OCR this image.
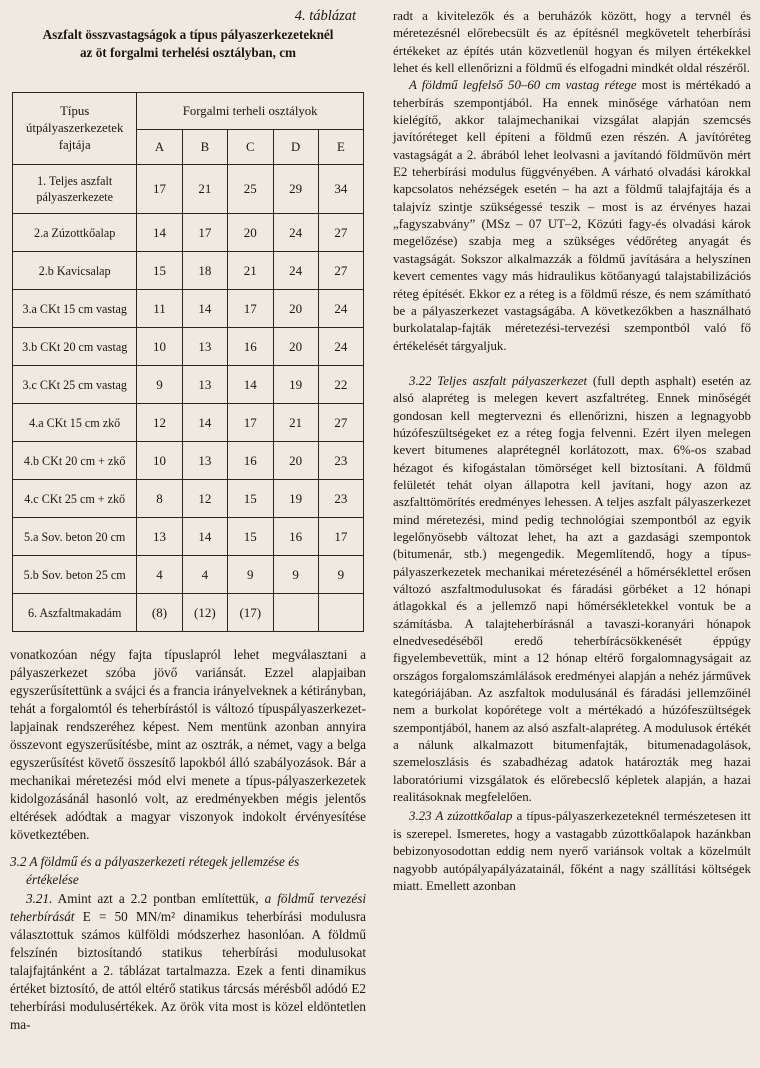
4. táblázat
Aszfalt összvastagságok a típus pályaszerkezeteknél
az öt forgalmi terhelési osztályban, cm
Típus
útpályaszerkezetek
fajtája	Forgalmi terheli osztályok				
	A	B	C	D	E

1. Teljes aszfalt
pályaszerkezete	17	21	25	29	34

2.a Zúzottkőalap	14	17	20	24	27

2.b Kavicsalap	15	18	21	24	27

3.a CKt 15 cm vastag	11	14	17	20	24

3.b CKt 20 cm vastag	10	13	16	20	24

3.c CKt 25 cm vastag	9	13	14	19	22

4.a CKt 15 cm zkő	12	14	17	21	27

4.b CKt 20 cm + zkő	10	13	16	20	23

4.c CKt 25 cm + zkő	8	12	15	19	23

5.a Sov. beton 20 cm	13	14	15	16	17

5.b Sov. beton 25 cm	4	4	9	9	9

6. Aszfaltmakadám	(8)	(12)	(17)		

vonatkozóan négy fajta típuslapról lehet megválasztani a pályaszerkezet szóba jövő variánsát. Ezzel alapjaiban egyszerűsítettünk a svájci és a francia irányelveknek a kétirányban, tehát a forgalomtól és teherbírástól is változó típuspályaszerkezet-lapjainak rendszeréhez képest. Nem mentünk azonban annyira összevont egyszerűsítésbe, mint az osztrák, a német, vagy a belga egyszerűsítést követő összesítő lapokból álló szabályozások. Bár a mechanikai méretezési mód elvi menete a típus-pályaszerkezetek kidolgozásánál hasonló volt, az eredményekben mégis jelentős eltérések adódtak a magyar viszonyok indokolt érvényesítése következtében.

3.2 A földmű és a pályaszerkezeti rétegek jellemzése és
értékelése

3.21. Amint azt a 2.2 pontban említettük, a földmű tervezési teherbírását E = 50 MN/m² dinamikus teherbírási modulusra választottuk számos külföldi módszerhez hasonlóan. A földmű felszínén biztosítandó statikus teherbírási modulusokat talajfajtánként a 2. táblázat tartalmazza. Ezek a fenti dinamikus értéket biztosító, de attól eltérő statikus tárcsás mérésből adódó E2 teherbírási modulusértékek. Az örök vita most is közel eldöntetlen ma-

radt a kivitelezők és a beruházók között, hogy a tervnél és méretezésnél előrebecsült és az építésnél megkövetelt teherbírási értékeket az építés után közvetlenül hogyan és milyen értékekkel lehet és kell ellenőrizni a földmű és elfogadni mindkét oldal részéről.

A földmű legfelső 50–60 cm vastag rétege most is mértékadó a teherbírás szempontjából. Ha ennek minősége várhatóan nem kielégítő, akkor talajmechanikai vizsgálat alapján szemcsés javítóréteget kell építeni a földmű ezen részén. A javítóréteg vastagságát a 2. ábrából lehet leolvasni a javítandó földművön mért E2 teherbírási modulus függvényében. A várható olvadási károkkal kapcsolatos nehézségek esetén – ha azt a földmű talajfajtája és a talajvíz szintje szükségessé teszik – most is az érvényes hazai „fagyszabvány” (MSz – 07 UT–2, Közúti fagy-és olvadási károk megelőzése) szabja meg a szükséges védőréteg anyagát és vastagságát. Sokszor alkalmazzák a földmű javítására a helyszínen kevert cementes vagy más hidraulikus kötőanyagú talajstabilizációs réteg építését. Ekkor ez a réteg is a földmű része, és nem számítható be a pályaszerkezet vastagságába. A következőkben a használható burkolatalap-fajták méretezési-tervezési szempontból való fő értékelését tárgyaljuk.

3.22 Teljes aszfalt pályaszerkezet (full depth asphalt) esetén az alsó alapréteg is melegen kevert aszfaltréteg. Ennek minőségét gondosan kell megtervezni és ellenőrizni, hiszen a legnagyobb húzófeszültségeket ez a réteg fogja felvenni. Ezért ilyen melegen kevert bitumenes alaprétegnél korlátozott, max. 6%-os szabad hézagot és kifogástalan tömörséget kell biztosítani. A földmű felületét tehát olyan állapotra kell javítani, hogy azon az aszfalttömörítés eredményes lehessen. A teljes aszfalt pályaszerkezet mind méretezési, mind pedig technológiai szempontból az egyik legelőnyösebb változat lehet, ha azt a gazdasági szempontok (bitumenár, stb.) megengedik. Megemlítendő, hogy a típus-pályaszerkezetek mechanikai méretezésénél a hőmérséklettel erősen változó aszfaltmodulusokat és fáradási görbéket a 12 hónapi átlagokkal és a jellemző napi hőmérsékletekkel vontuk be a számításba. A talajteherbírásnál a tavaszi-koranyári hónapok elnedvesedéséből eredő teherbírácsökkenését éppúgy figyelembevettük, mint a 12 hónap eltérő forgalomnagyságait az országos forgalomszámlálások eredményei alapján a nehéz járművek kategóriájában. Az aszfaltok modulusánál és fáradási jellemzőinél nem a burkolat kopórétege volt a mértékadó a húzófeszültségek szempontjából, hanem az alsó aszfalt-alapréteg. A modulusok értékét a nálunk alkalmazott bitumenfajták, bitumenadagolások, szemeloszlásis és szabadhézag adatok határozták meg hazai laboratóriumi vizsgálatok és előrebecslő képletek alapján, a hazai realitásoknak megfelelően.

3.23 A zúzottkőalap a típus-pályaszerkezeteknél természetesen itt is szerepel. Ismeretes, hogy a vastagabb zúzottkőalapok hazánkban bebizonyosodottan eddig nem nyerő variánsok voltak a közelmúlt nagyobb autópályapályázatainál, főként a nagy szállítási költségek miatt. Emellett azonban
